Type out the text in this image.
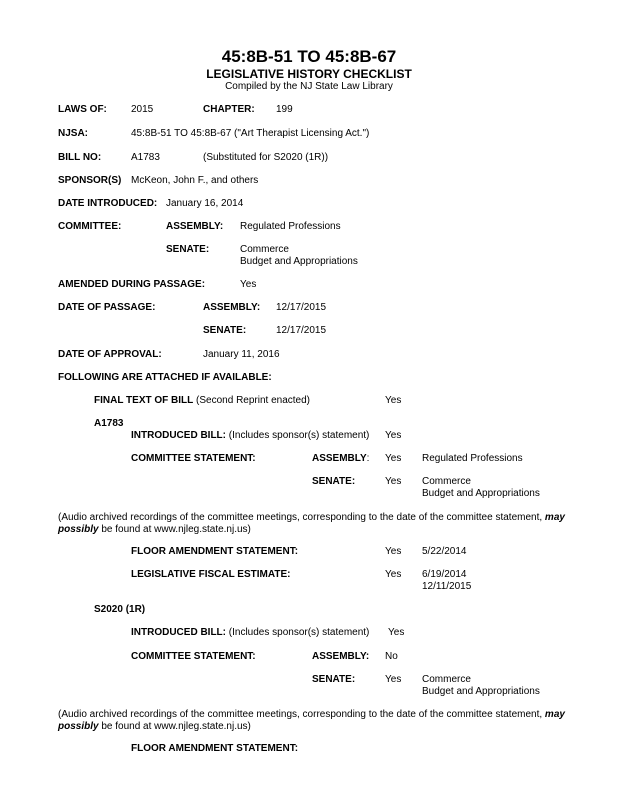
45:8B-51 TO 45:8B-67
LEGISLATIVE HISTORY CHECKLIST
Compiled by the NJ State Law Library
LAWS OF: 2015	CHAPTER: 199
NJSA:	45:8B-51 TO 45:8B-67 ("Art Therapist Licensing Act.")
BILL NO:	A1783	(Substituted for S2020 (1R))
SPONSOR(S) McKeon, John F., and others
DATE INTRODUCED: January 16, 2014
COMMITTEE:	ASSEMBLY: Regulated Professions
SENATE:	Commerce
Budget and Appropriations
AMENDED DURING PASSAGE:	Yes
DATE OF PASSAGE:	ASSEMBLY: 12/17/2015
SENATE:	12/17/2015
DATE OF APPROVAL:	January 11, 2016
FOLLOWING ARE ATTACHED IF AVAILABLE:
FINAL TEXT OF BILL (Second Reprint enacted)	Yes
A1783
INTRODUCED BILL: (Includes sponsor(s) statement) Yes
COMMITTEE STATEMENT:	ASSEMBLY: Yes Regulated Professions
SENATE:	Yes Commerce
Budget and Appropriations
(Audio archived recordings of the committee meetings, corresponding to the date of the committee statement, may possibly be found at www.njleg.state.nj.us)
FLOOR AMENDMENT STATEMENT:	Yes 5/22/2014
LEGISLATIVE FISCAL ESTIMATE:	Yes 6/19/2014
12/11/2015
S2020 (1R)
INTRODUCED BILL: (Includes sponsor(s) statement) Yes
COMMITTEE STATEMENT:	ASSEMBLY: No
SENATE:	Yes Commerce
Budget and Appropriations
(Audio archived recordings of the committee meetings, corresponding to the date of the committee statement, may possibly be found at www.njleg.state.nj.us)
FLOOR AMENDMENT STATEMENT:
